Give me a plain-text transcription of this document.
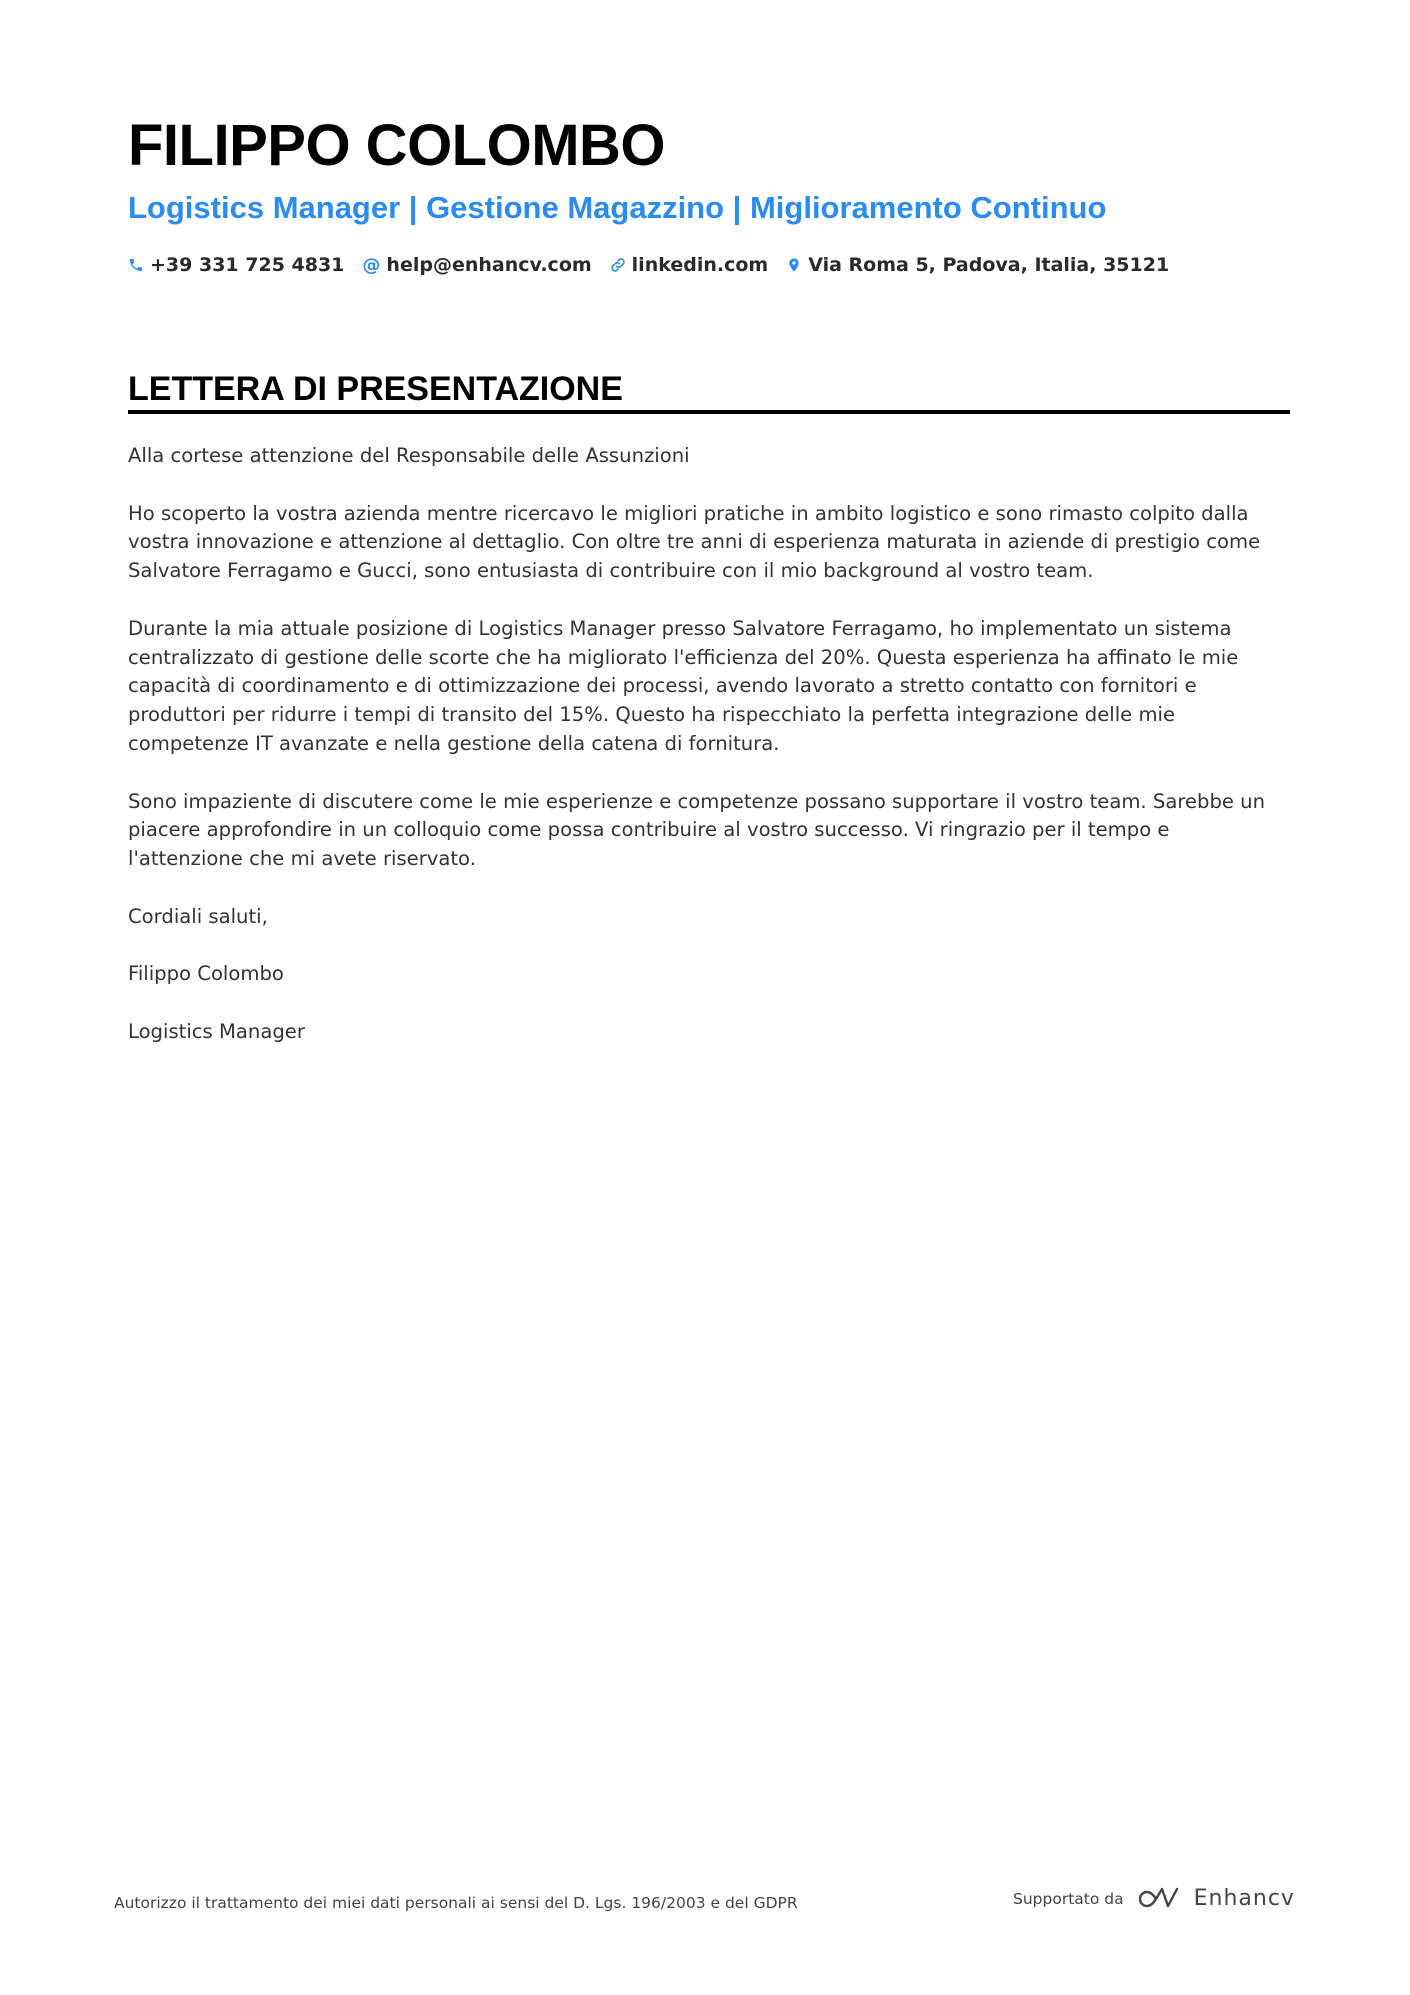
FILIPPO COLOMBO
Logistics Manager | Gestione Magazzino | Miglioramento Continuo
+39 331 725 4831 @ help@enhancv.com linkedin.com Via Roma 5, Padova, Italia, 35121
LETTERA DI PRESENTAZIONE

Alla cortese attenzione del Responsabile delle Assunzioni

Ho scoperto la vostra azienda mentre ricercavo le migliori pratiche in ambito logistico e sono rimasto colpito dalla vostra innovazione e attenzione al dettaglio. Con oltre tre anni di esperienza maturata in aziende di prestigio come Salvatore Ferragamo e Gucci, sono entusiasta di contribuire con il mio background al vostro team.

Durante la mia attuale posizione di Logistics Manager presso Salvatore Ferragamo, ho implementato un sistema centralizzato di gestione delle scorte che ha migliorato l'efficienza del 20%. Questa esperienza ha affinato le mie capacità di coordinamento e di ottimizzazione dei processi, avendo lavorato a stretto contatto con fornitori e produttori per ridurre i tempi di transito del 15%. Questo ha rispecchiato la perfetta integrazione delle mie competenze IT avanzate e nella gestione della catena di fornitura.

Sono impaziente di discutere come le mie esperienze e competenze possano supportare il vostro team. Sarebbe un piacere approfondire in un colloquio come possa contribuire al vostro successo. Vi ringrazio per il tempo e l'attenzione che mi avete riservato.

Cordiali saluti,

Filippo Colombo

Logistics Manager

Autorizzo il trattamento dei miei dati personali ai sensi del D. Lgs. 196/2003 e del GDPR	Supportato da	Enhancv
